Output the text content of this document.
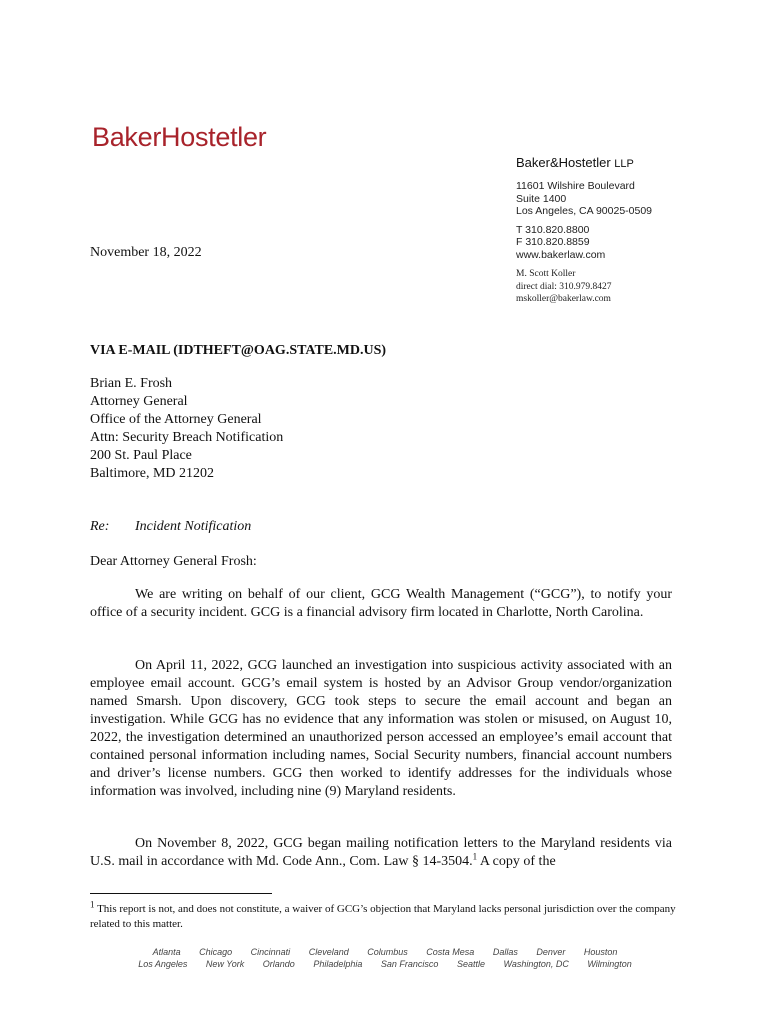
BakerHostetler
Baker&Hostetler LLP
11601 Wilshire Boulevard
Suite 1400
Los Angeles, CA 90025-0509
T 310.820.8800
F 310.820.8859
www.bakerlaw.com
M. Scott Koller
direct dial: 310.979.8427
mskoller@bakerlaw.com
November 18, 2022
VIA E-MAIL (IDTHEFT@OAG.STATE.MD.US)
Brian E. Frosh
Attorney General
Office of the Attorney General
Attn: Security Breach Notification
200 St. Paul Place
Baltimore, MD 21202
Re: Incident Notification
Dear Attorney General Frosh:

We are writing on behalf of our client, GCG Wealth Management (“GCG”), to notify your office of a security incident. GCG is a financial advisory firm located in Charlotte, North Carolina.

On April 11, 2022, GCG launched an investigation into suspicious activity associated with an employee email account. GCG’s email system is hosted by an Advisor Group vendor/organization named Smarsh. Upon discovery, GCG took steps to secure the email account and began an investigation. While GCG has no evidence that any information was stolen or misused, on August 10, 2022, the investigation determined an unauthorized person accessed an employee’s email account that contained personal information including names, Social Security numbers, financial account numbers and driver’s license numbers. GCG then worked to identify addresses for the individuals whose information was involved, including nine (9) Maryland residents.

On November 8, 2022, GCG began mailing notification letters to the Maryland residents via U.S. mail in accordance with Md. Code Ann., Com. Law § 14-3504.$^1$ A copy of the

$^1$ This report is not, and does not constitute, a waiver of GCG’s objection that Maryland lacks personal jurisdiction over the company related to this matter.
Atlanta Chicago Cincinnati Cleveland Columbus Costa Mesa Dallas Denver Houston
Los Angeles New York Orlando Philadelphia San Francisco Seattle Washington, DC Wilmington
